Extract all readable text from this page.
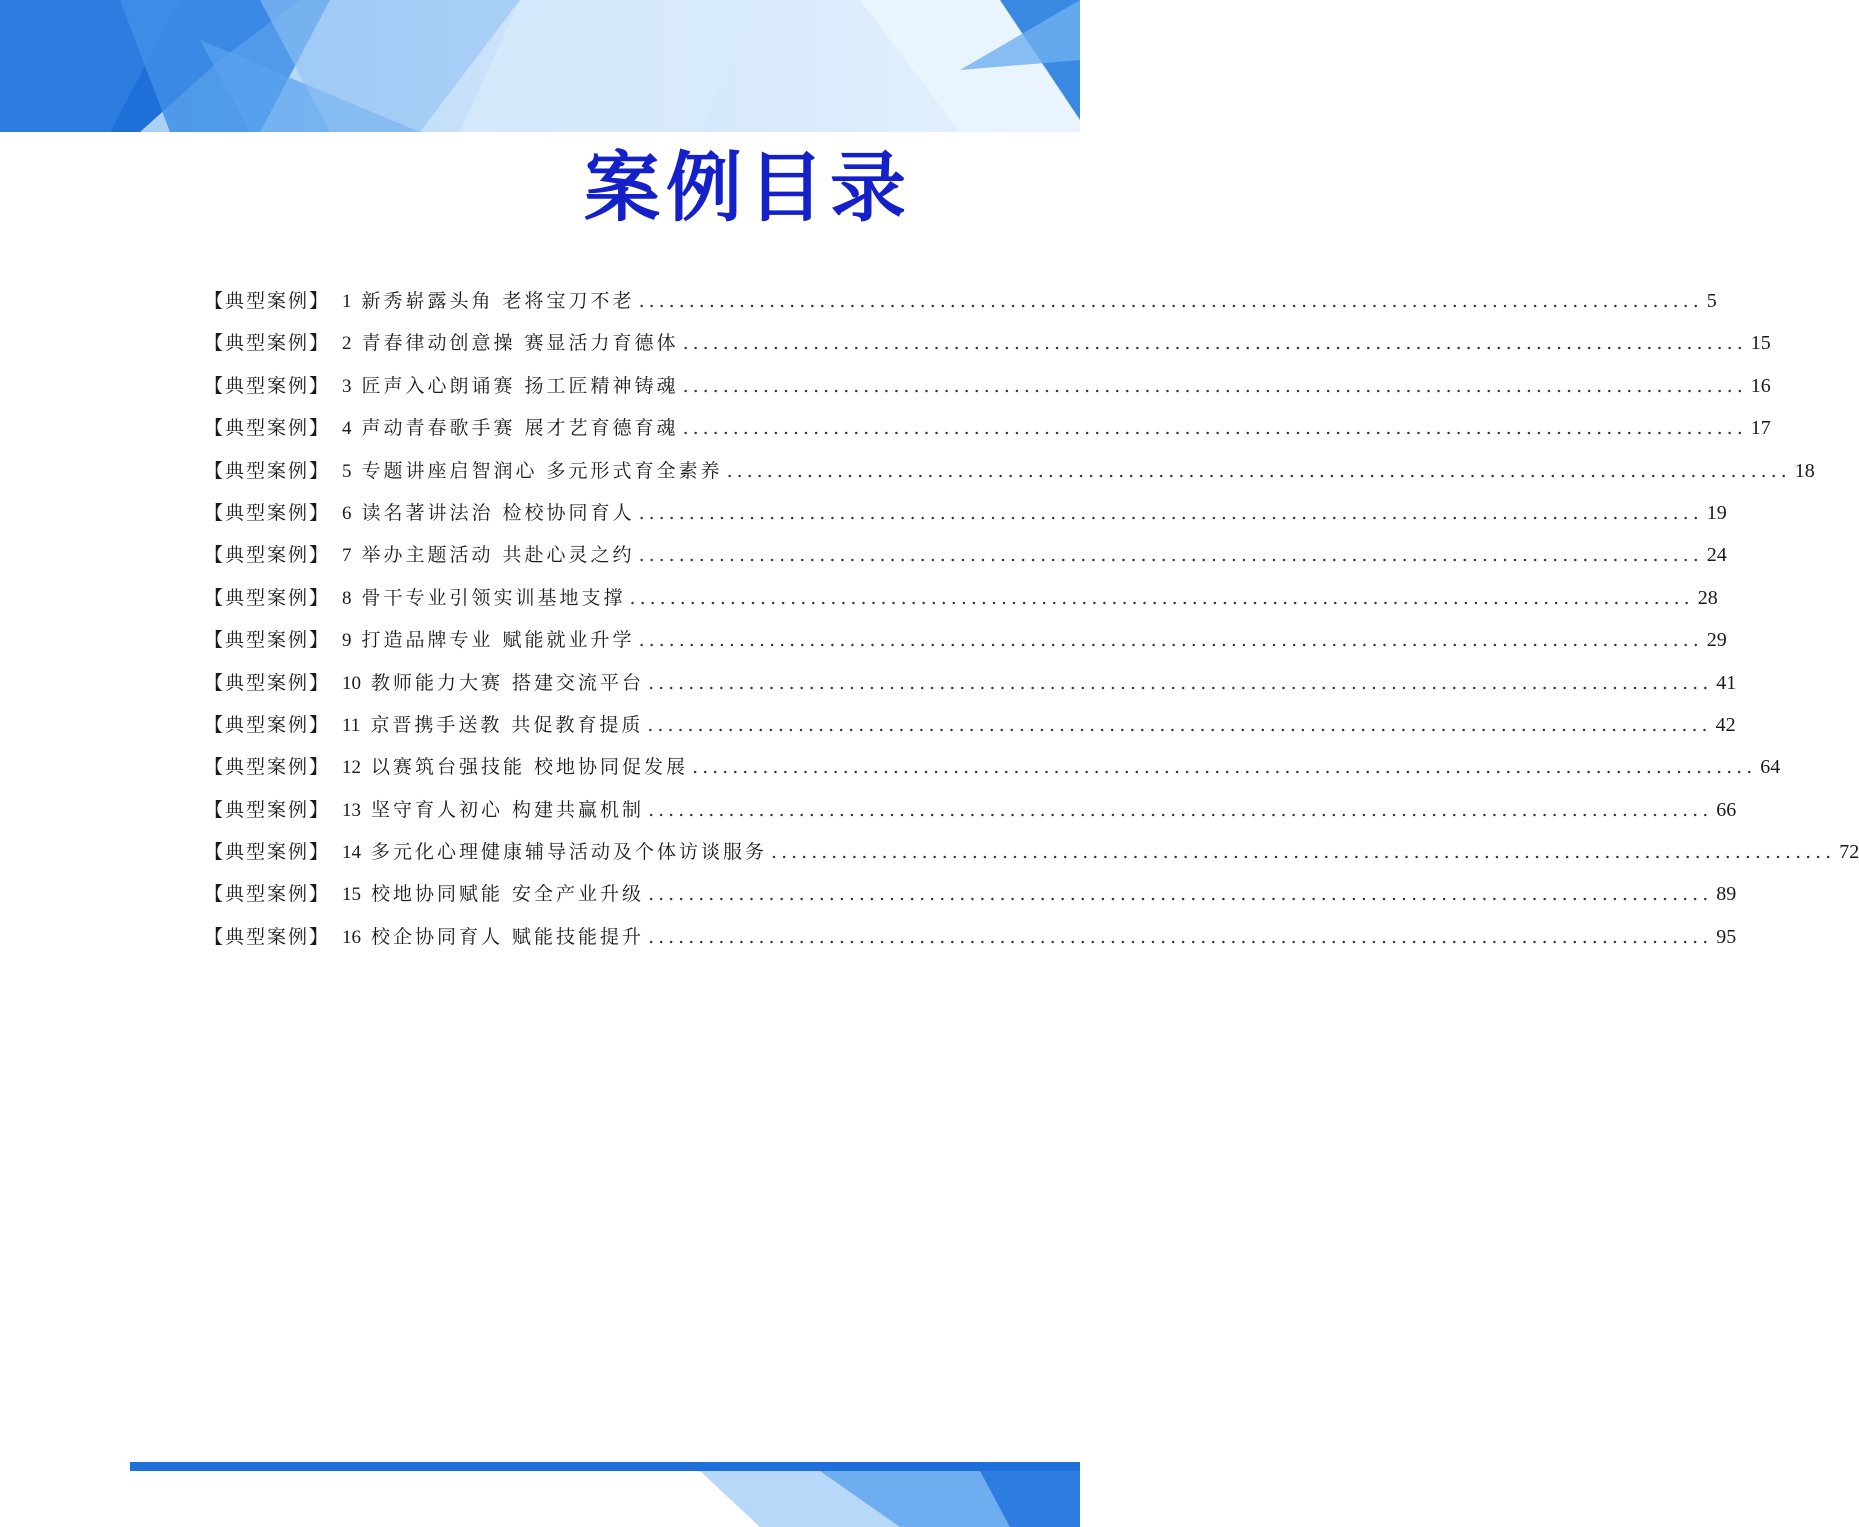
案例目录
【典型案例】 1 新秀崭露头角 老将宝刀不老 .......................................................................................................... 5
【典型案例】 2 青春律动创意操 赛显活力育德体 .......................................................................................................... 15
【典型案例】 3 匠声入心朗诵赛 扬工匠精神铸魂 .......................................................................................................... 16
【典型案例】 4 声动青春歌手赛 展才艺育德育魂 .......................................................................................................... 17
【典型案例】 5 专题讲座启智润心 多元形式育全素养 .......................................................................................................... 18
【典型案例】 6 读名著讲法治 检校协同育人 .......................................................................................................... 19
【典型案例】 7 举办主题活动 共赴心灵之约 .......................................................................................................... 24
【典型案例】 8 骨干专业引领实训基地支撑 .......................................................................................................... 28
【典型案例】 9 打造品牌专业 赋能就业升学 .......................................................................................................... 29
【典型案例】 10 教师能力大赛 搭建交流平台 .......................................................................................................... 41
【典型案例】 11 京晋携手送教 共促教育提质 .......................................................................................................... 42
【典型案例】 12 以赛筑台强技能 校地协同促发展 .......................................................................................................... 64
【典型案例】 13 坚守育人初心 构建共赢机制 .......................................................................................................... 66
【典型案例】 14 多元化心理健康辅导活动及个体访谈服务 .......................................................................................................... 72
【典型案例】 15 校地协同赋能 安全产业升级 .......................................................................................................... 89
【典型案例】 16 校企协同育人 赋能技能提升 .......................................................................................................... 95
